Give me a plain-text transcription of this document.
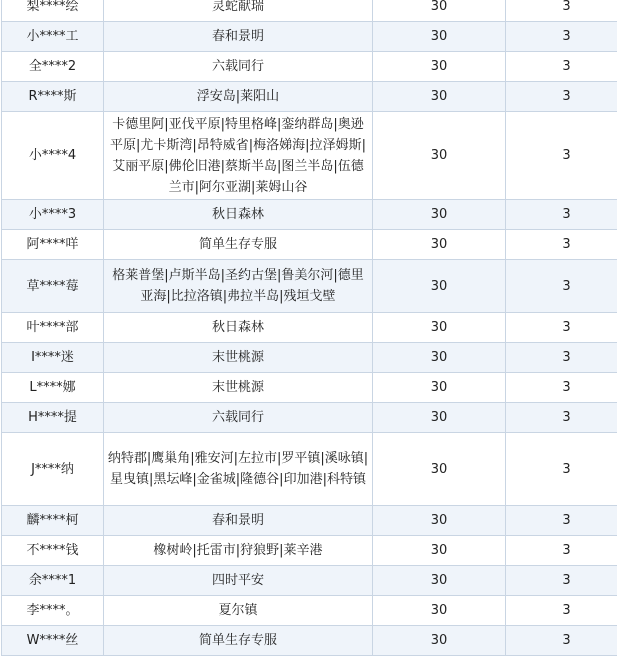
梨****绘	灵蛇献瑞	30	3
小****工	春和景明	30	3
全****2	六载同行	30	3
R****斯	浮安岛|莱阳山	30	3
小****4	卡德里阿|亚伐平原|特里格峰|銮纳群岛|奥逊平原|尤卡斯湾|昂特威省|梅洛娣海|拉泽姆斯|艾丽平原|佛伦旧港|蔡斯半岛|图兰半岛|伍德兰市|阿尔亚湖|莱姆山谷	30	3
小****3	秋日森林	30	3
阿****咩	简单生存专服	30	3
草****莓	格莱普堡|卢斯半岛|圣约古堡|鲁美尔河|德里亚海|比拉洛镇|弗拉半岛|残垣戈壁	30	3
叶****部	秋日森林	30	3
I****迷	末世桃源	30	3
L****娜	末世桃源	30	3
H****提	六载同行	30	3
J****纳	纳特郡|鹰巢角|雅安河|左拉市|罗平镇|溪咏镇|星曳镇|黑坛峰|金雀城|隆德谷|印加港|科特镇	30	3
麟****柯	春和景明	30	3
不****钱	橡树岭|托雷市|狩狼野|莱辛港	30	3
余****1	四时平安	30	3
李****。	夏尔镇	30	3
W****丝	简单生存专服	30	3
